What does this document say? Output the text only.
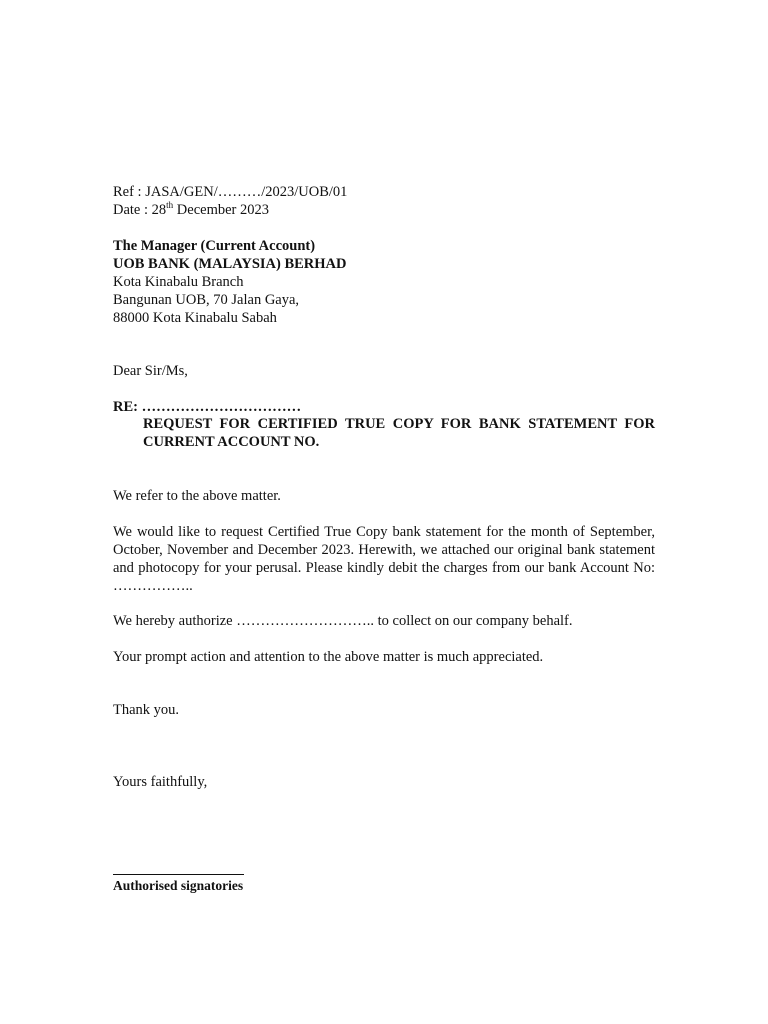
Ref : JASA/GEN/………/2023/UOB/01
Date : 28th December 2023
The Manager (Current Account)
UOB BANK (MALAYSIA) BERHAD
Kota Kinabalu Branch
Bangunan UOB, 70 Jalan Gaya,
88000 Kota Kinabalu Sabah
Dear Sir/Ms,
RE: ……………………………
REQUEST FOR CERTIFIED TRUE COPY FOR BANK STATEMENT FOR CURRENT ACCOUNT NO.
We refer to the above matter.
We would like to request Certified True Copy bank statement for the month of September, October, November and December 2023. Herewith, we attached our original bank statement and photocopy for your perusal. Please kindly debit the charges from our bank Account No: ……………..
We hereby authorize ……………………….. to collect on our company behalf.
Your prompt action and attention to the above matter is much appreciated.
Thank you.
Yours faithfully,
Authorised signatories
